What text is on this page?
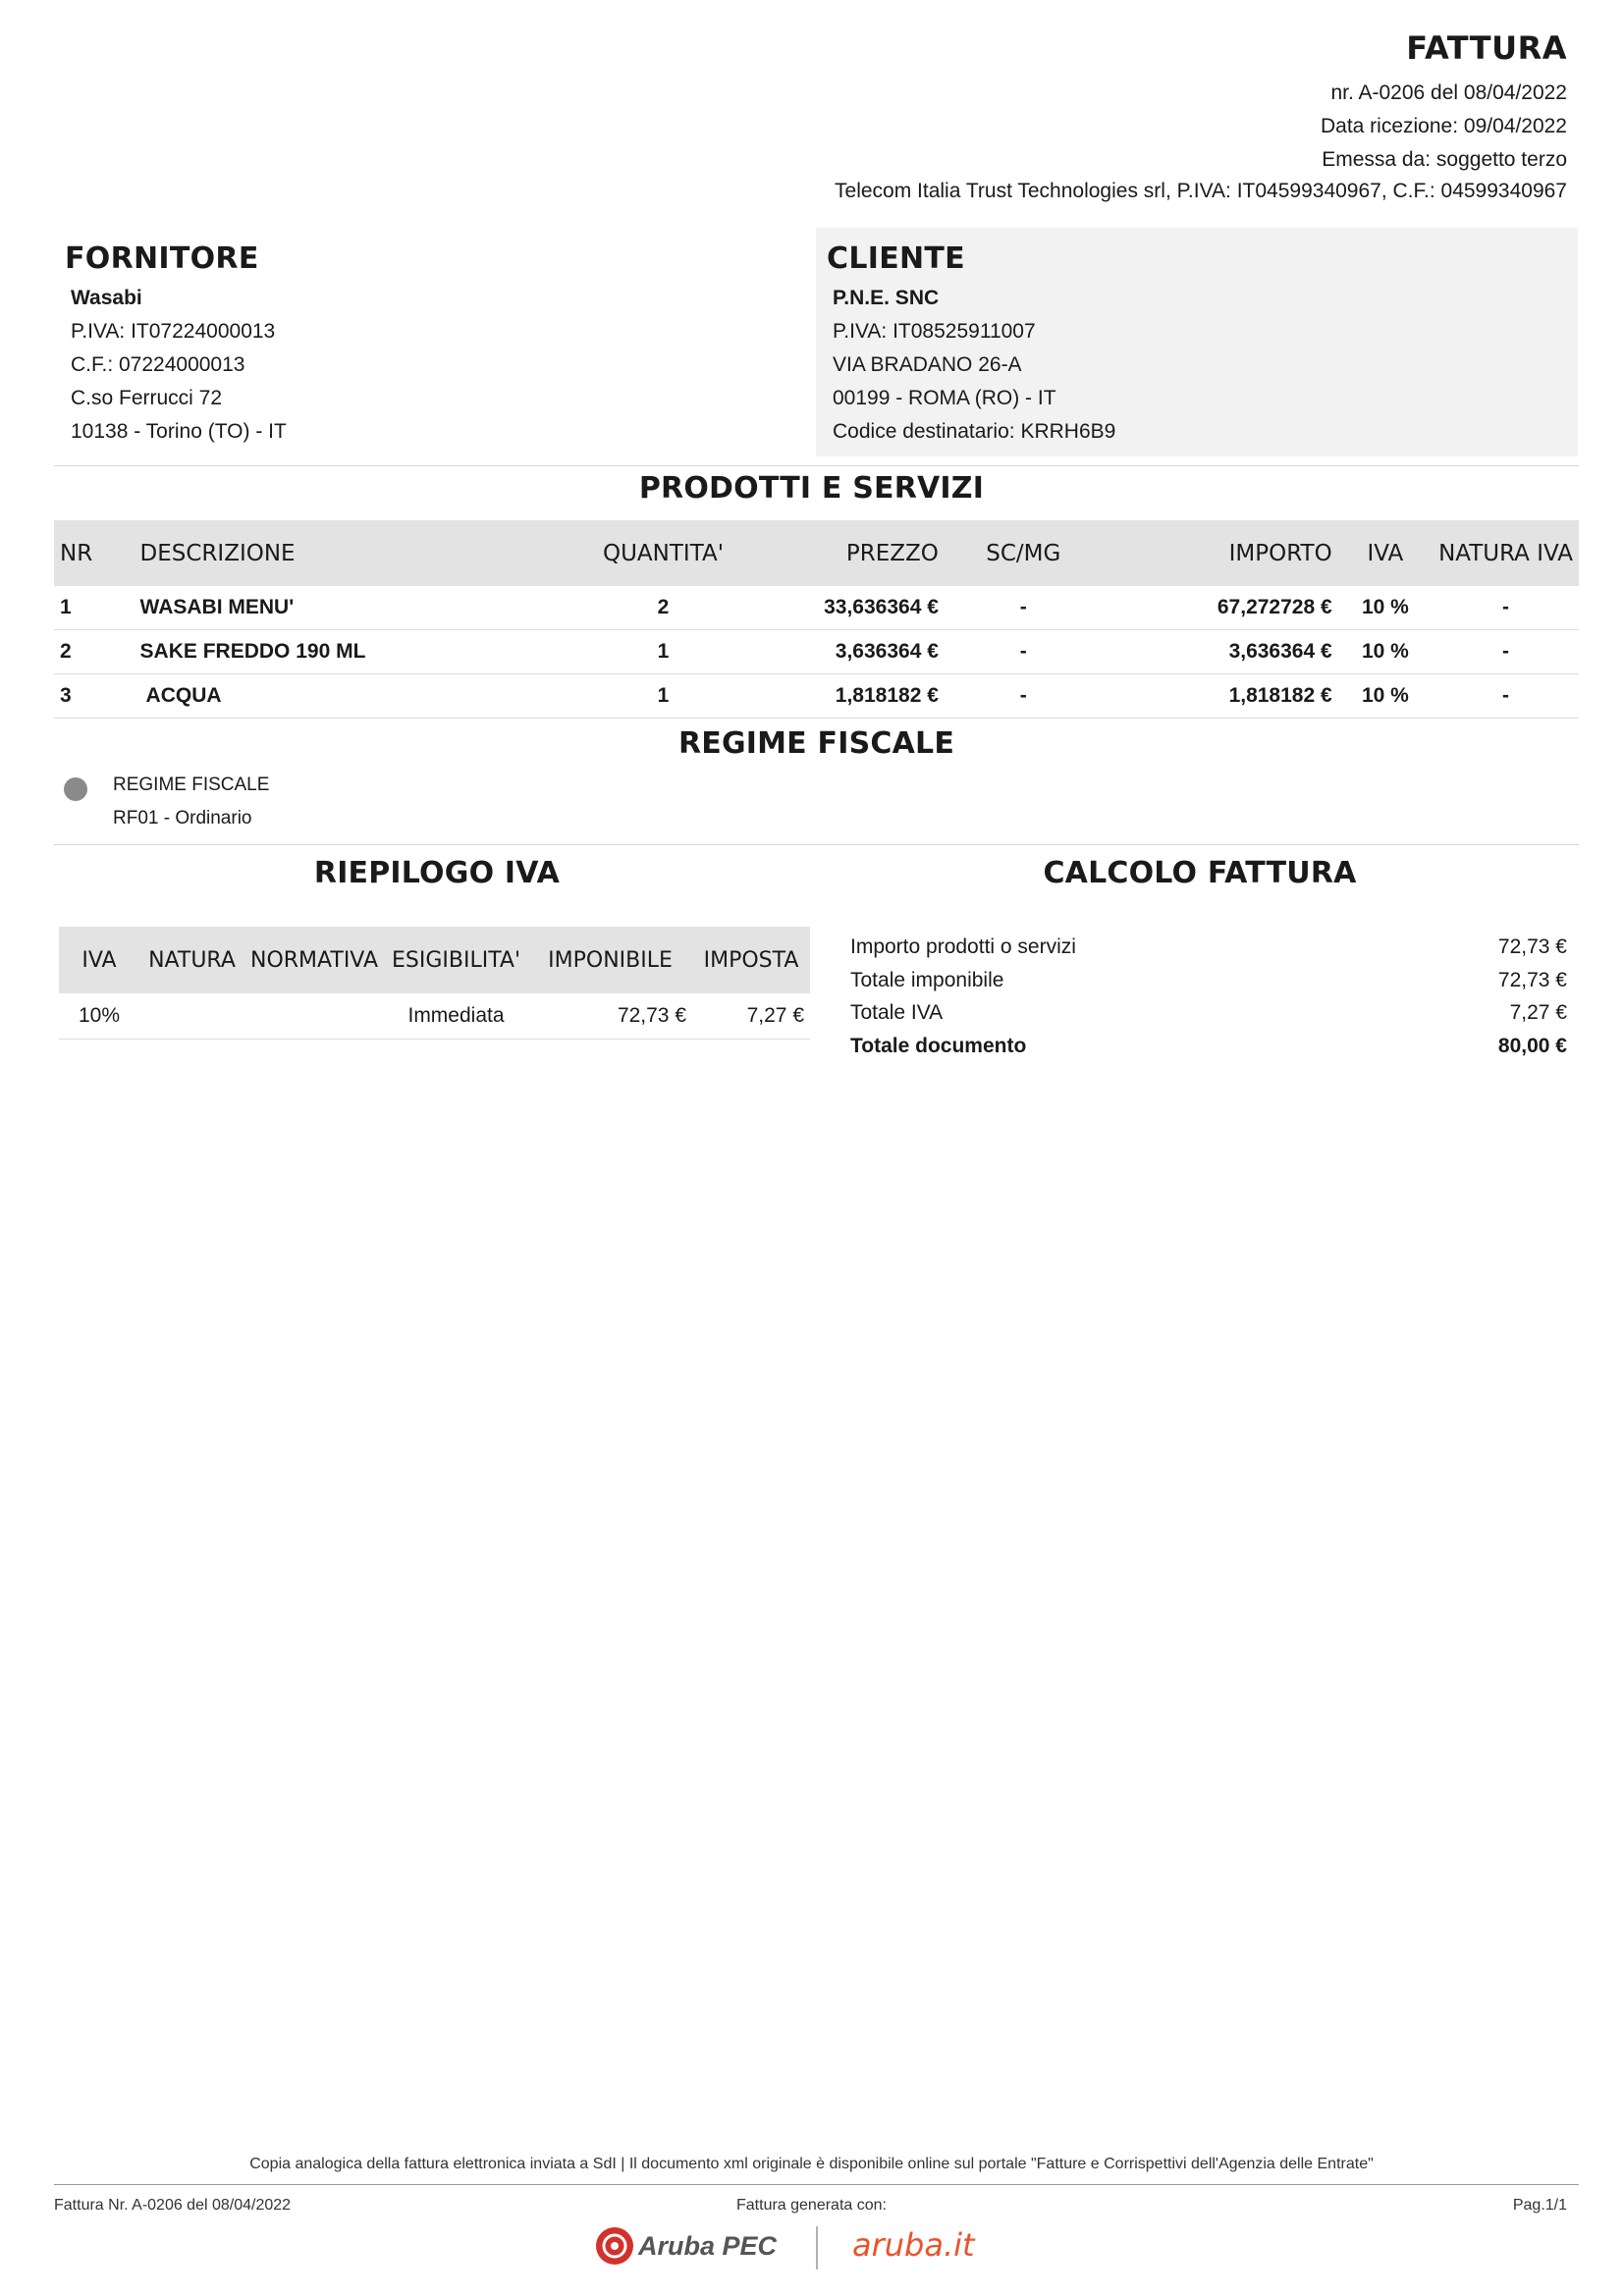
FATTURA
nr. A-0206 del 08/04/2022
Data ricezione: 09/04/2022
Emessa da: soggetto terzo
Telecom Italia Trust Technologies srl, P.IVA: IT04599340967, C.F.: 04599340967
FORNITORE
Wasabi
P.IVA: IT07224000013
C.F.: 07224000013
C.so Ferrucci 72
10138 - Torino (TO) - IT
CLIENTE
P.N.E. SNC
P.IVA: IT08525911007
VIA BRADANO 26-A
00199 - ROMA (RO) - IT
Codice destinatario: KRRH6B9
PRODOTTI E SERVIZI
NR	DESCRIZIONE	QUANTITA'	PREZZO	SC/MG	IMPORTO	IVA	NATURA IVA
1	WASABI MENU'	2	33,636364 €	-	67,272728 €	10 %	-
2	SAKE FREDDO 190 ML	1	3,636364 €	-	3,636364 €	10 %	-
3	ACQUA	1	1,818182 €	-	1,818182 €	10 %	-
REGIME FISCALE
REGIME FISCALE
RF01 - Ordinario
RIEPILOGO IVA
IVA	NATURA	NORMATIVA	ESIGIBILITA'	IMPONIBILE	IMPOSTA
10%			Immediata	72,73 €	7,27 €
CALCOLO FATTURA
Importo prodotti o servizi	72,73 €
Totale imponibile	72,73 €
Totale IVA	7,27 €
Totale documento	80,00 €
Copia analogica della fattura elettronica inviata a SdI | Il documento xml originale è disponibile online sul portale "Fatture e Corrispettivi dell'Agenzia delle Entrate"
Fattura Nr. A-0206 del 08/04/2022	Fattura generata con:	Pag.1/1
Aruba PEC aruba.it
